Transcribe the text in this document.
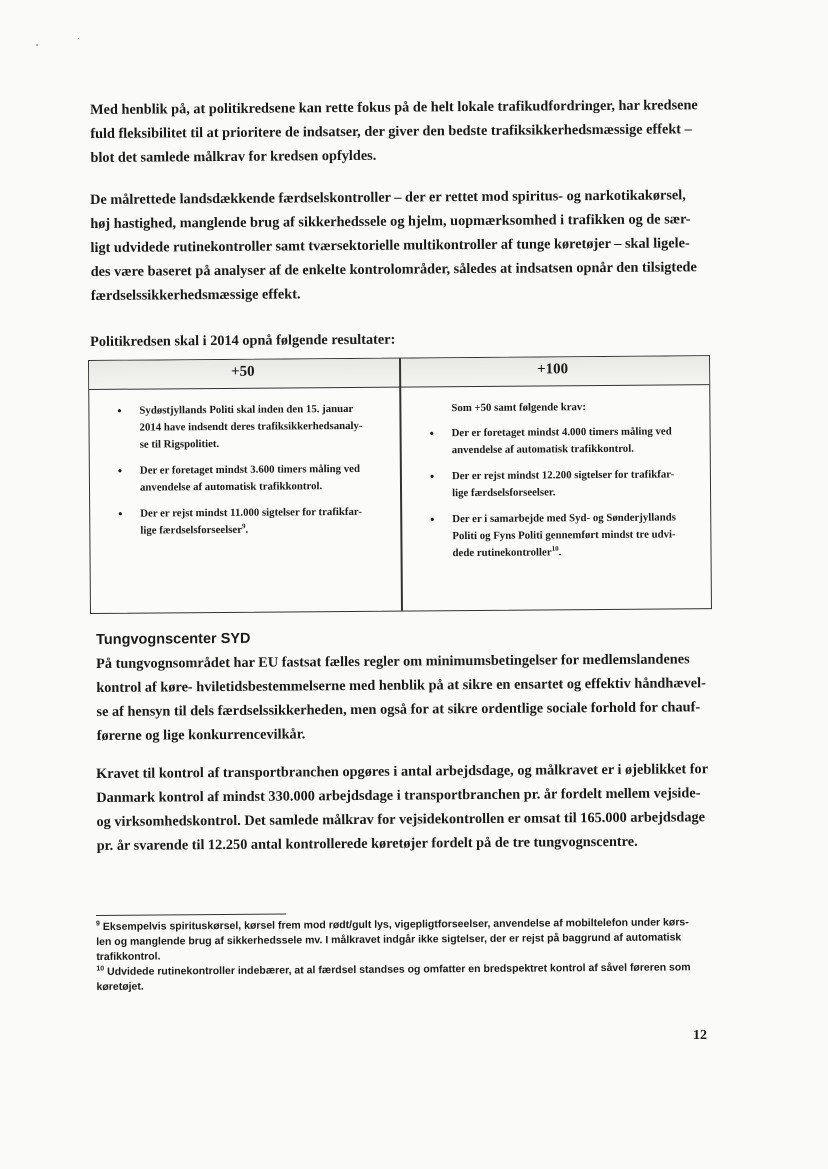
Med henblik på, at politikredsene kan rette fokus på de helt lokale trafikudfordringer, har kredsene
fuld fleksibilitet til at prioritere de indsatser, der giver den bedste trafiksikkerhedsmæssige effekt –
blot det samlede målkrav for kredsen opfyldes.
De målrettede landsdækkende færdselskontroller – der er rettet mod spiritus- og narkotikakørsel,
høj hastighed, manglende brug af sikkerhedssele og hjelm, uopmærksomhed i trafikken og de sær-
ligt udvidede rutinekontroller samt tværsektorielle multikontroller af tunge køretøjer – skal ligele-
des være baseret på analyser af de enkelte kontrolområder, således at indsatsen opnår den tilsigtede
færdselssikkerhedsmæssige effekt.
Politikredsen skal i 2014 opnå følgende resultater:
+50	+100
• Sydøstjyllands Politi skal inden den 15. januar
2014 have indsendt deres trafiksikkerhedsanaly-
se til Rigspolitiet.
• Der er foretaget mindst 3.600 timers måling ved
anvendelse af automatisk trafikkontrol.
• Der er rejst mindst 11.000 sigtelser for trafikfar-
lige færdselsforseelser$^9$.
Som +50 samt følgende krav:
• Der er foretaget mindst 4.000 timers måling ved
anvendelse af automatisk trafikkontrol.
• Der er rejst mindst 12.200 sigtelser for trafikfar-
lige færdselsforseelser.
• Der er i samarbejde med Syd- og Sønderjyllands
Politi og Fyns Politi gennemført mindst tre udvi-
dede rutinekontroller$^{10}$.
Tungvognscenter SYD
På tungvognsområdet har EU fastsat fælles regler om minimumsbetingelser for medlemslandenes
kontrol af køre- hviletidsbestemmelserne med henblik på at sikre en ensartet og effektiv håndhævel-
se af hensyn til dels færdselssikkerheden, men også for at sikre ordentlige sociale forhold for chauf-
førerne og lige konkurrencevilkår.
Kravet til kontrol af transportbranchen opgøres i antal arbejdsdage, og målkravet er i øjeblikket for
Danmark kontrol af mindst 330.000 arbejdsdage i transportbranchen pr. år fordelt mellem vejside-
og virksomhedskontrol. Det samlede målkrav for vejsidekontrollen er omsat til 165.000 arbejdsdage
pr. år svarende til 12.250 antal kontrollerede køretøjer fordelt på de tre tungvognscentre.
$^9$ Eksempelvis spirituskørsel, kørsel frem mod rødt/gult lys, vigepligtforseelser, anvendelse af mobiltelefon under kørs-
len og manglende brug af sikkerhedssele mv. I målkravet indgår ikke sigtelser, der er rejst på baggrund af automatisk
trafikkontrol.
$^{10}$ Udvidede rutinekontroller indebærer, at al færdsel standses og omfatter en bredspektret kontrol af såvel føreren som
køretøjet.
12
